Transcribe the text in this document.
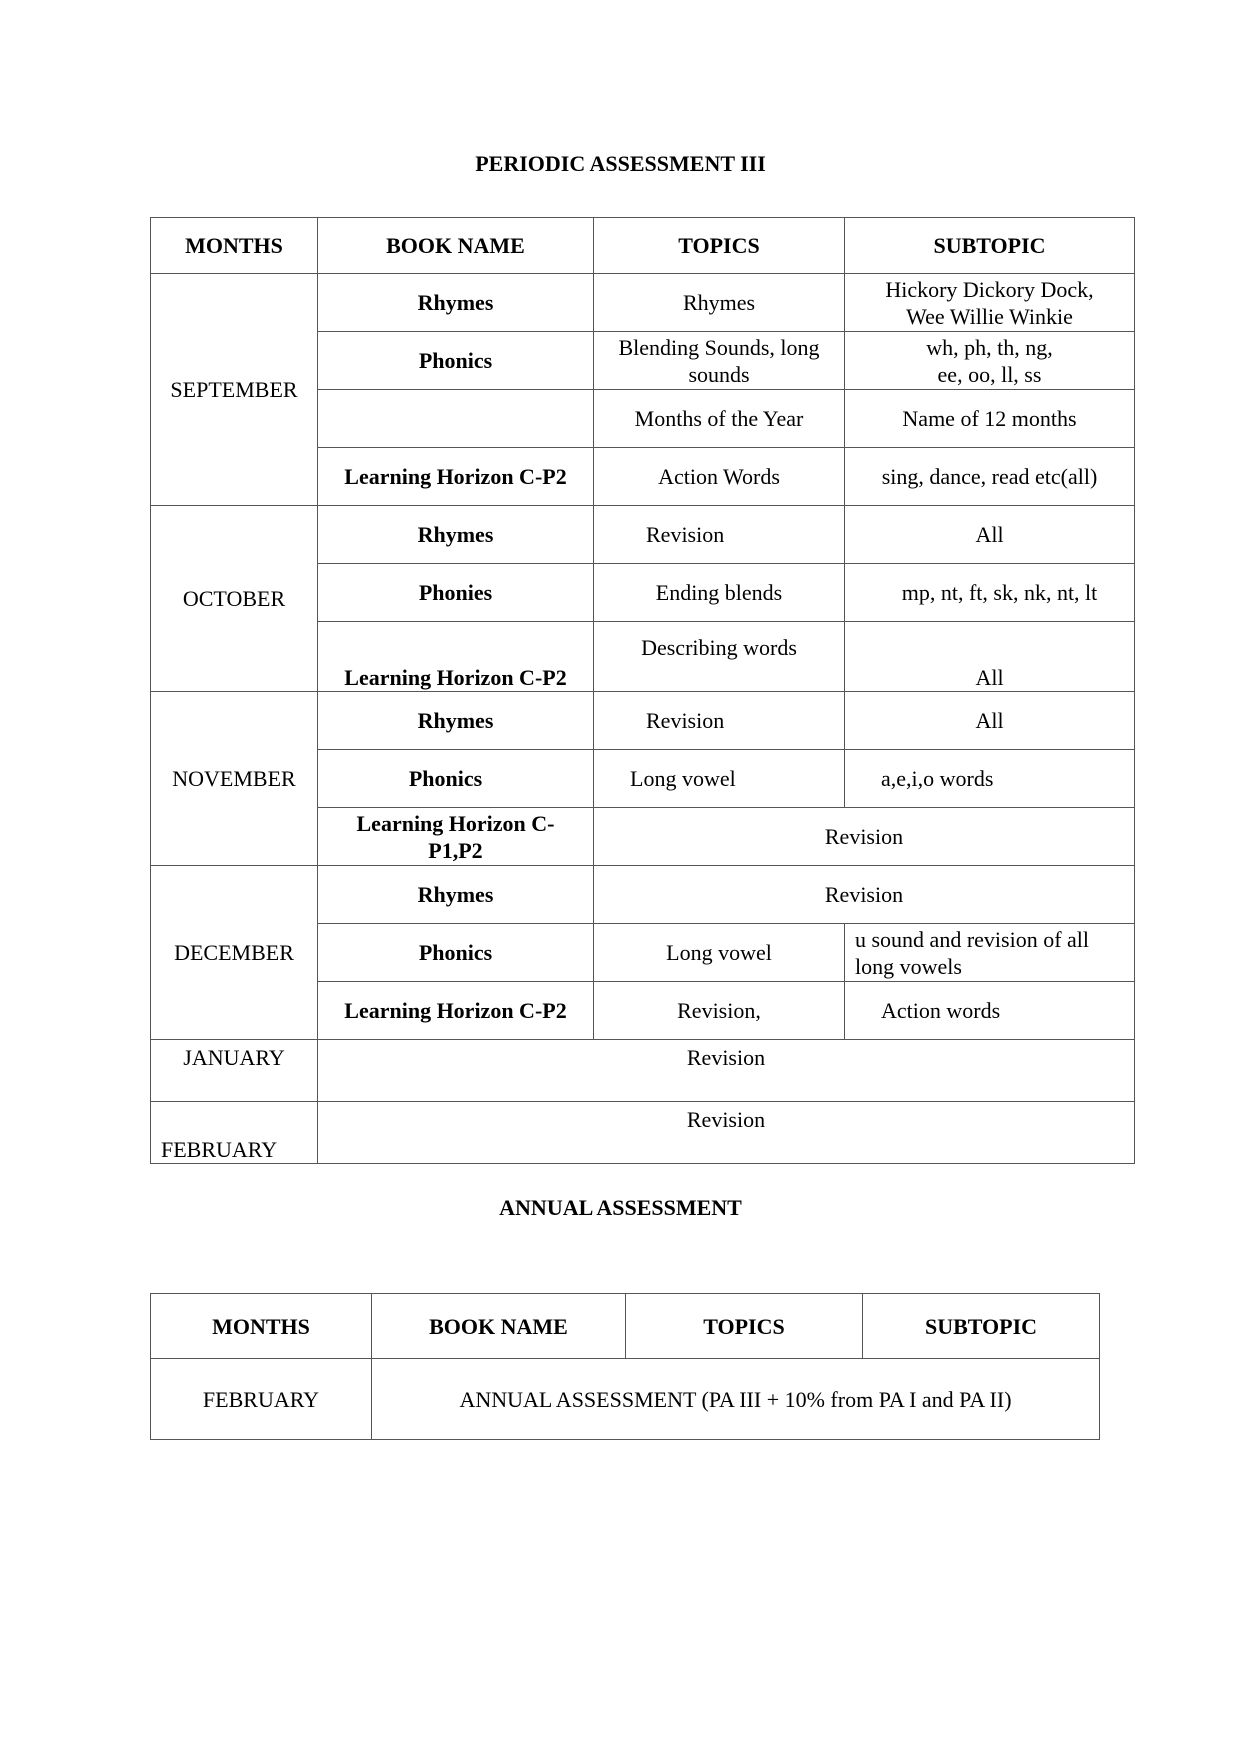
PERIODIC ASSESSMENT III
MONTHS	BOOK NAME	TOPICS	SUBTOPIC
SEPTEMBER	Rhymes	Rhymes	Hickory Dickory Dock, Wee Willie Winkie
	Phonics	Blending Sounds, long sounds	wh, ph, th, ng, ee, oo, ll, ss
		Months of the Year	Name of 12 months
	Learning Horizon C-P2	Action Words	sing, dance, read etc(all)
OCTOBER	Rhymes	Revision	All
	Phonies	Ending blends	mp, nt, ft, sk, nk, nt, lt
	Learning Horizon C-P2	Describing words	All
NOVEMBER	Rhymes	Revision	All
	Phonics	Long vowel	a,e,i,o words
	Learning Horizon C-P1,P2	Revision	
DECEMBER	Rhymes	Revision	
	Phonics	Long vowel	u sound and revision of all long vowels
	Learning Horizon C-P2	Revision,	Action words
JANUARY	Revision		
FEBRUARY	Revision		
ANNUAL ASSESSMENT
MONTHS	BOOK NAME	TOPICS	SUBTOPIC
FEBRUARY	ANNUAL ASSESSMENT (PA III + 10% from PA I and PA II)		
